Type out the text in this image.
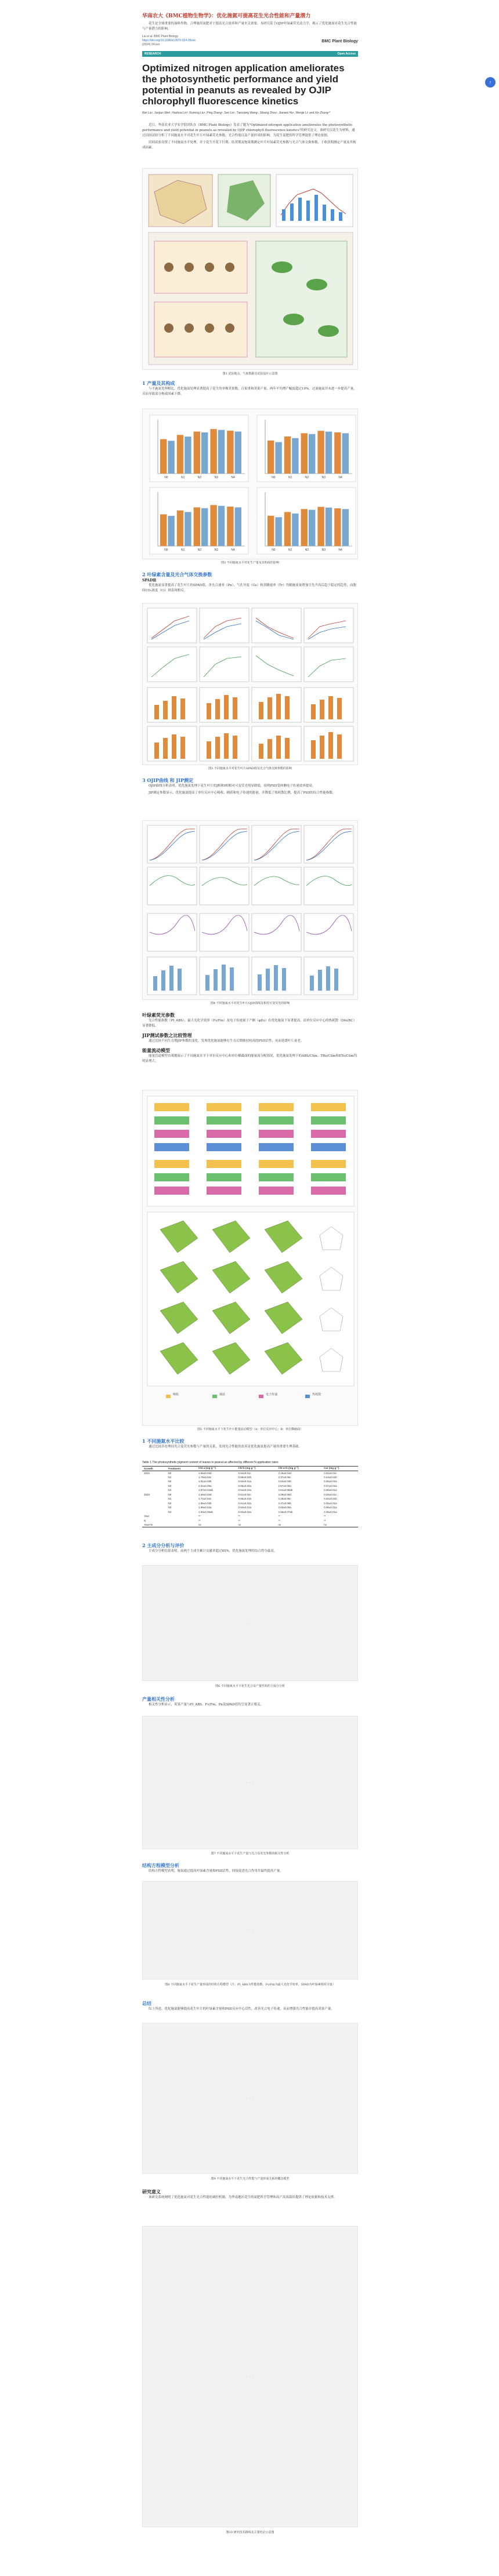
华南农大《BMC植物生物学》：优化施氮可提高花生光合性能和产量潜力
花生是全球重要的油料作物，合理施用氮肥对于提高光合效率和产量至关重要。本研究基于OJIP叶绿素荧光动力学，揭示了优化施氮对花生光合性能与产量潜力的影响。
Liu et al. BMC Plant Biology
https://doi.org/10.1186/s12870-024-05xxx
(2024) 24:xxx
BMC Plant Biology
RESEARCH	Open Access
Optimized nitrogen application ameliorates the photosynthetic performance and yield potential in peanuts as revealed by OJIP chlorophyll fluorescence kinetics
Wei Liu¹, Junjian Wei², Haohua Lin³, Ruirong Liu¹, Ping Zhang¹, Sen Lin¹, Tianxiang Wang¹, Sibang Zhou¹, Jianwei Hu¹, Wenjie Li¹ and Xin Zhang¹*
近日，华南农业大学农学院团队在《BMC Plant Biology》发表了题为"Optimized nitrogen application ameliorates the photosynthetic performance and yield potential in peanuts as revealed by OJIP chlorophyll fluorescence kinetics"的研究论文。该研究以花生为材料，通过田间试验分析了不同施氮水平对花生叶片叶绿素荧光参数、光合性能以及产量形成的影响，为花生氮肥的科学管理提供了理论依据。
田间试验设置了不同施氮水平处理，并于花生开花下针期、结荚期及饱果期测定叶片叶绿素荧光参数与光合气体交换参数，于收获期测定产量及其构成因素。
图1 试验地点、气象数据及试验设计示意图
1 产量及其构成
与不施氮处理相比，优化施氮处理显著提高了花生的单株荚果数、百果重和荚果产量，两年平均增产幅度超过10%。过量施氮并未进一步提高产量，反而导致部分构成因素下降。
N0	N1	N2	N3	N4	N0	N1	N2	N3	N4
N0	N1	N2	N3	N4	N0	N1	N2	N3	N4
图2 不同施氮水平对花生产量及其构成的影响
2 叶绿素含量及光合气体交换参数
SPAD值
优化施氮显著提高了花生叶片的SPAD值，净光合速率（Pn）、气孔导度（Gs）和蒸腾速率（Tr）均随施氮量增加呈先升高后趋于稳定的趋势，而胞间CO₂浓度（Ci）则表现相反。
图3 不同施氮水平对花生叶片SPAD值及光合气体交换参数的影响
3 OJIP曲线 和 JIP测定
OJIP曲线分析表明，优化施氮处理下花生叶片的J相和I相相对可变荧光明显降低，说明PSII受体侧电子传递效率提高。
JIP测定参数显示，优化施氮提高了单位反应中心吸收、捕获和电子传递的能量，并降低了热耗散比例，提高了PSII的综合性能指数。
图4 不同施氮水平对花生叶片OJIP曲线及相对可变荧光的影响
叶绿素荧光参数
光合性能指数（PI_ABS）、最大光化学效率（Fv/Fm）及电子传递量子产额（φEo）在优化施氮下显著提高，而单位反应中心的热耗散（DIo/RC）显著降低。
JIP测试参数之比较管理
通过比较不同生育期JIP参数的变化，发现优化施氮能够在生育后期维持较高的PSII活性，从而延缓叶片衰老。
能量流动模型
能量管道模型直观地展示了不同施氮水平下单位反应中心和单位横截面的能量流分配情况，优化施氮处理下的ABS/CSm、TRo/CSm和ETo/CSm均明显增大。
吸收	捕获	电子传递	热耗散
图5 不同施氮水平下花生叶片能量流动模型（A：单位反应中心；B：单位横截面）
1 不同施氮水平比较
通过比较各处理间光合及荧光参数与产量的关系，发现光合性能的改善是优化施氮提高产量的重要生理基础。
Table 1 The photosynthetic pigment content of leaves in peanut as affected by different N application rates
Growth	Treatment	Chl a (mg g⁻¹)	Chl b (mg g⁻¹)	Chl a+b (mg g⁻¹)	Car (mg g⁻¹)
2022	N0	1.65±0.03d	0.54±0.01c	2.19±0.04d	0.31±0.01c
	N1	1.78±0.04c	0.59±0.02b	2.37±0.05c	0.34±0.01b
	N2	1.91±0.03b	0.63±0.01a	2.54±0.04b	0.36±0.01a
	N3	2.02±0.05a	0.65±0.02a	2.67±0.06a	0.37±0.01a
	N4	1.97±0.04ab	0.64±0.01a	2.61±0.05ab	0.36±0.01a
2023	N0	1.58±0.03d	0.51±0.02c	2.09±0.05d	0.29±0.01c
	N1	1.72±0.04c	0.56±0.01b	2.28±0.05c	0.32±0.01b
	N2	1.86±0.03b	0.61±0.02a	2.47±0.05b	0.35±0.01a
	N3	1.99±0.04a	0.64±0.01a	2.63±0.05a	0.36±0.01a
	N4	1.93±0.05ab	0.62±0.02a	2.55±0.07ab	0.35±0.01a
Year		**	**	**	**
N		**	**	**	**
Year×N		ns	ns	ns	ns
2 主成分分析与评价
主成分分析结果表明，前两个主成分累计贡献率超过85%，优化施氮处理的综合得分最高。
· · ·
图6 不同施氮水平下花生光合及产量性状的主成分分析
产量相关性分析
相关性分析显示，荚果产量与PI_ABS、Fv/Fm、Pn及SPAD值均呈显著正相关。
· · ·
图7 不同施氮水平下花生产量与光合及荧光参数的相关性分析
结构方程模型分析
结构方程模型表明，施氮通过提高叶绿素含量和PSII活性，间接促进光合作用并最终提高产量。
· · ·
图8 不同施氮水平下花生产量形成的结构方程模型（注：PI_ABS为性能指数，Fv/Fm为最大光化学效率，SPAD为叶绿素相对含量）
总结
综上所述，优化施氮能够提高花生叶片的叶绿素含量和PSII反应中心活性，改善光合电子传递，从而增强光合性能并提高荚果产量。
· · ·
图9 不同施氮水平下花生光合性能与产量形成关系的概念模型
研究意义
该研究系统阐明了优化施氮对花生光合性能的调控机制，为华南地区花生的氮肥科学管理和高产高效栽培提供了理论依据和技术支撑。
· · ·
图10 研究技术路线及主要结论示意图
↑
